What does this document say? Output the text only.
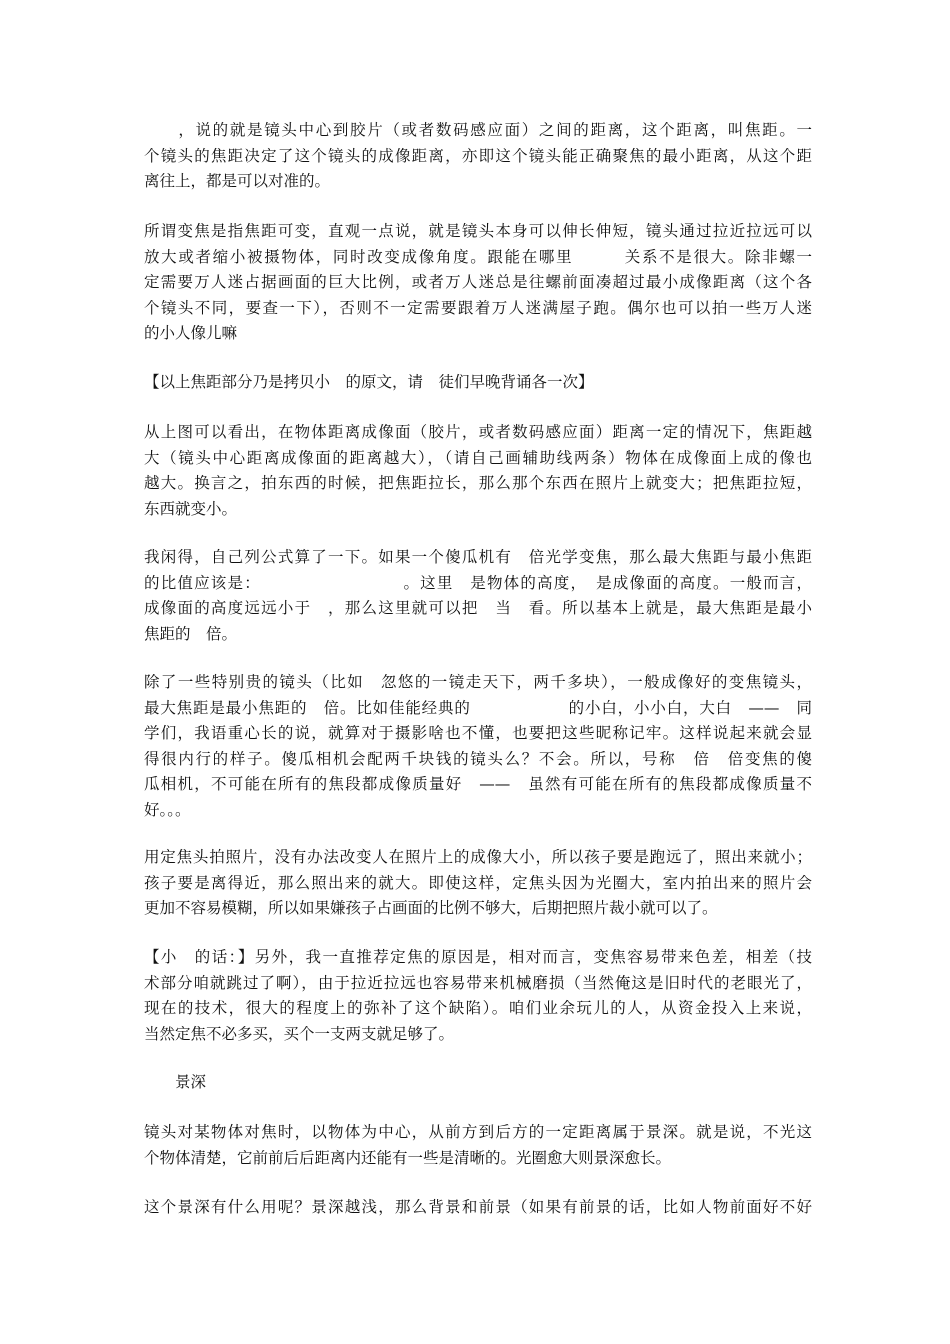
　　，说的就是镜头中心到胶片（或者数码感应面）之间的距离，这个距离，叫焦距。一
个镜头的焦距决定了这个镜头的成像距离，亦即这个镜头能正确聚焦的最小距离，从这个距
离往上，都是可以对准的。

所谓变焦是指焦距可变，直观一点说，就是镜头本身可以伸长伸短，镜头通过拉近拉远可以
放大或者缩小被摄物体，同时改变成像角度。跟能在哪里　　　关系不是很大。除非螺一
定需要万人迷占据画面的巨大比例，或者万人迷总是往螺前面凑超过最小成像距离（这个各
个镜头不同，要查一下），否则不一定需要跟着万人迷满屋子跑。偶尔也可以拍一些万人迷
的小人像儿嘛

【以上焦距部分乃是拷贝小　的原文，请　徒们早晚背诵各一次】

从上图可以看出，在物体距离成像面（胶片，或者数码感应面）距离一定的情况下，焦距越
大（镜头中心距离成像面的距离越大），（请自己画辅助线两条）物体在成像面上成的像也
越大。换言之，拍东西的时候，把焦距拉长，那么那个东西在照片上就变大；把焦距拉短，
东西就变小。

我闲得，自己列公式算了一下。如果一个傻瓜机有　倍光学变焦，那么最大焦距与最小焦距
的比值应该是：　　　　　　　　　。这里　是物体的高度，　是成像面的高度。一般而言，
成像面的高度远远小于　，那么这里就可以把　当　看。所以基本上就是，最大焦距是最小
焦距的　倍。

除了一些特别贵的镜头（比如　忽悠的一镜走天下，两千多块），一般成像好的变焦镜头，
最大焦距是最小焦距的　倍。比如佳能经典的　　　　　　的小白，小小白，大白　——　同
学们，我语重心长的说，就算对于摄影啥也不懂，也要把这些昵称记牢。这样说起来就会显
得很内行的样子。傻瓜相机会配两千块钱的镜头么？不会。所以，号称　倍　倍变焦的傻
瓜相机，不可能在所有的焦段都成像质量好　——　虽然有可能在所有的焦段都成像质量不
好。。。

用定焦头拍照片，没有办法改变人在照片上的成像大小，所以孩子要是跑远了，照出来就小；
孩子要是离得近，那么照出来的就大。即使这样，定焦头因为光圈大，室内拍出来的照片会
更加不容易模糊，所以如果嫌孩子占画面的比例不够大，后期把照片裁小就可以了。

【小　的话：】另外，我一直推荐定焦的原因是，相对而言，变焦容易带来色差，相差（技
术部分咱就跳过了啊），由于拉近拉远也容易带来机械磨损（当然俺这是旧时代的老眼光了，
现在的技术，很大的程度上的弥补了这个缺陷）。咱们业余玩儿的人，从资金投入上来说，
当然定焦不必多买，买个一支两支就足够了。

　　景深

镜头对某物体对焦时，以物体为中心，从前方到后方的一定距离属于景深。就是说，不光这
个物体清楚，它前前后后距离内还能有一些是清晰的。光圈愈大则景深愈长。

这个景深有什么用呢？景深越浅，那么背景和前景（如果有前景的话，比如人物前面好不好
